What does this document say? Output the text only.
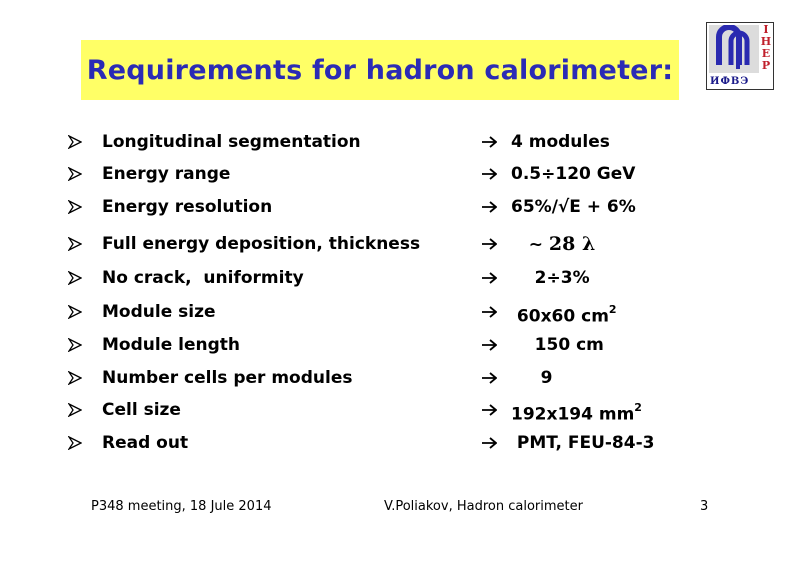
Requirements for hadron calorimeter:
I
H
E
P
ИФВЭ
Longitudinal segmentation	4 modules
Energy range	0.5÷120 GeV
Energy resolution	65%/√E + 6%
Full energy deposition, thickness	~ 28 λ
No crack,  uniformity	2÷3%
Module size	60x60 $cm^2$
Module length	150 cm
Number cells per modules	9
Cell size	192x194 $mm^2$
Read out	PMT, FEU-84-3
P348 meeting, 18 Jule 2014	V.Poliakov, Hadron calorimeter	3
